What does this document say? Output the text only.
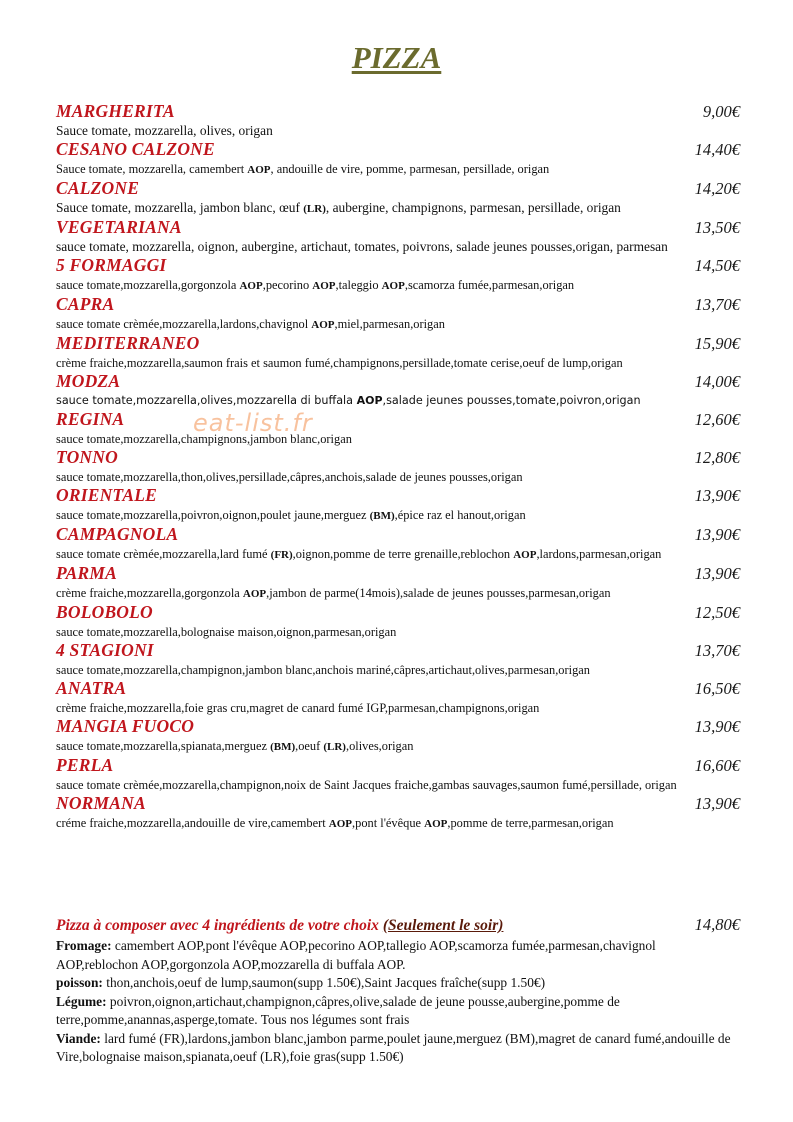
PIZZA
MARGHERITA	9,00€
Sauce tomate, mozzarella, olives, origan
CESANO CALZONE	14,40€
Sauce tomate, mozzarella, camembert AOP, andouille de vire, pomme, parmesan, persillade, origan
CALZONE	14,20€
Sauce tomate, mozzarella, jambon blanc, œuf (LR), aubergine, champignons, parmesan, persillade, origan
VEGETARIANA	13,50€
sauce tomate, mozzarella, oignon, aubergine, artichaut, tomates, poivrons, salade jeunes pousses,origan, parmesan
5 FORMAGGI	14,50€
sauce tomate,mozzarella,gorgonzola AOP,pecorino AOP,taleggio AOP,scamorza fumée,parmesan,origan
CAPRA	13,70€
sauce tomate crèmée,mozzarella,lardons,chavignol AOP,miel,parmesan,origan
MEDITERRANEO	15,90€
crème fraiche,mozzarella,saumon frais et saumon fumé,champignons,persillade,tomate cerise,oeuf de lump,origan
MODZA	14,00€
sauce tomate,mozzarella,olives,mozzarella di buffala AOP,salade jeunes pousses,tomate,poivron,origan
REGINA	12,60€
sauce tomate,mozzarella,champignons,jambon blanc,origan
TONNO	12,80€
sauce tomate,mozzarella,thon,olives,persillade,câpres,anchois,salade de jeunes pousses,origan
ORIENTALE	13,90€
sauce tomate,mozzarella,poivron,oignon,poulet jaune,merguez (BM),épice raz el hanout,origan
CAMPAGNOLA	13,90€
sauce tomate crèmée,mozzarella,lard fumé (FR),oignon,pomme de terre grenaille,reblochon AOP,lardons,parmesan,origan
PARMA	13,90€
crème fraiche,mozzarella,gorgonzola AOP,jambon de parme(14mois),salade de jeunes pousses,parmesan,origan
BOLOBOLO	12,50€
sauce tomate,mozzarella,bolognaise maison,oignon,parmesan,origan
4 STAGIONI	13,70€
sauce tomate,mozzarella,champignon,jambon blanc,anchois mariné,câpres,artichaut,olives,parmesan,origan
ANATRA	16,50€
crème fraiche,mozzarella,foie gras cru,magret de canard fumé IGP,parmesan,champignons,origan
MANGIA FUOCO	13,90€
sauce tomate,mozzarella,spianata,merguez (BM),oeuf (LR),olives,origan
PERLA	16,60€
sauce tomate crèmée,mozzarella,champignon,noix de Saint Jacques fraiche,gambas sauvages,saumon fumé,persillade, origan
NORMANA	13,90€
créme fraiche,mozzarella,andouille de vire,camembert AOP,pont l'évêque AOP,pomme de terre,parmesan,origan
eat-list.fr
Pizza à composer avec 4 ingrédients de votre choix (Seulement le soir)	14,80€
Fromage: camembert AOP,pont l'évêque AOP,pecorino AOP,tallegio AOP,scamorza fumée,parmesan,chavignol AOP,reblochon AOP,gorgonzola AOP,mozzarella di buffala AOP.
poisson: thon,anchois,oeuf de lump,saumon(supp 1.50€),Saint Jacques fraîche(supp 1.50€)
Légume: poivron,oignon,artichaut,champignon,câpres,olive,salade de jeune pousse,aubergine,pomme de terre,pomme,anannas,asperge,tomate. Tous nos légumes sont frais
Viande: lard fumé (FR),lardons,jambon blanc,jambon parme,poulet jaune,merguez (BM),magret de canard fumé,andouille de Vire,bolognaise maison,spianata,oeuf (LR),foie gras(supp 1.50€)
